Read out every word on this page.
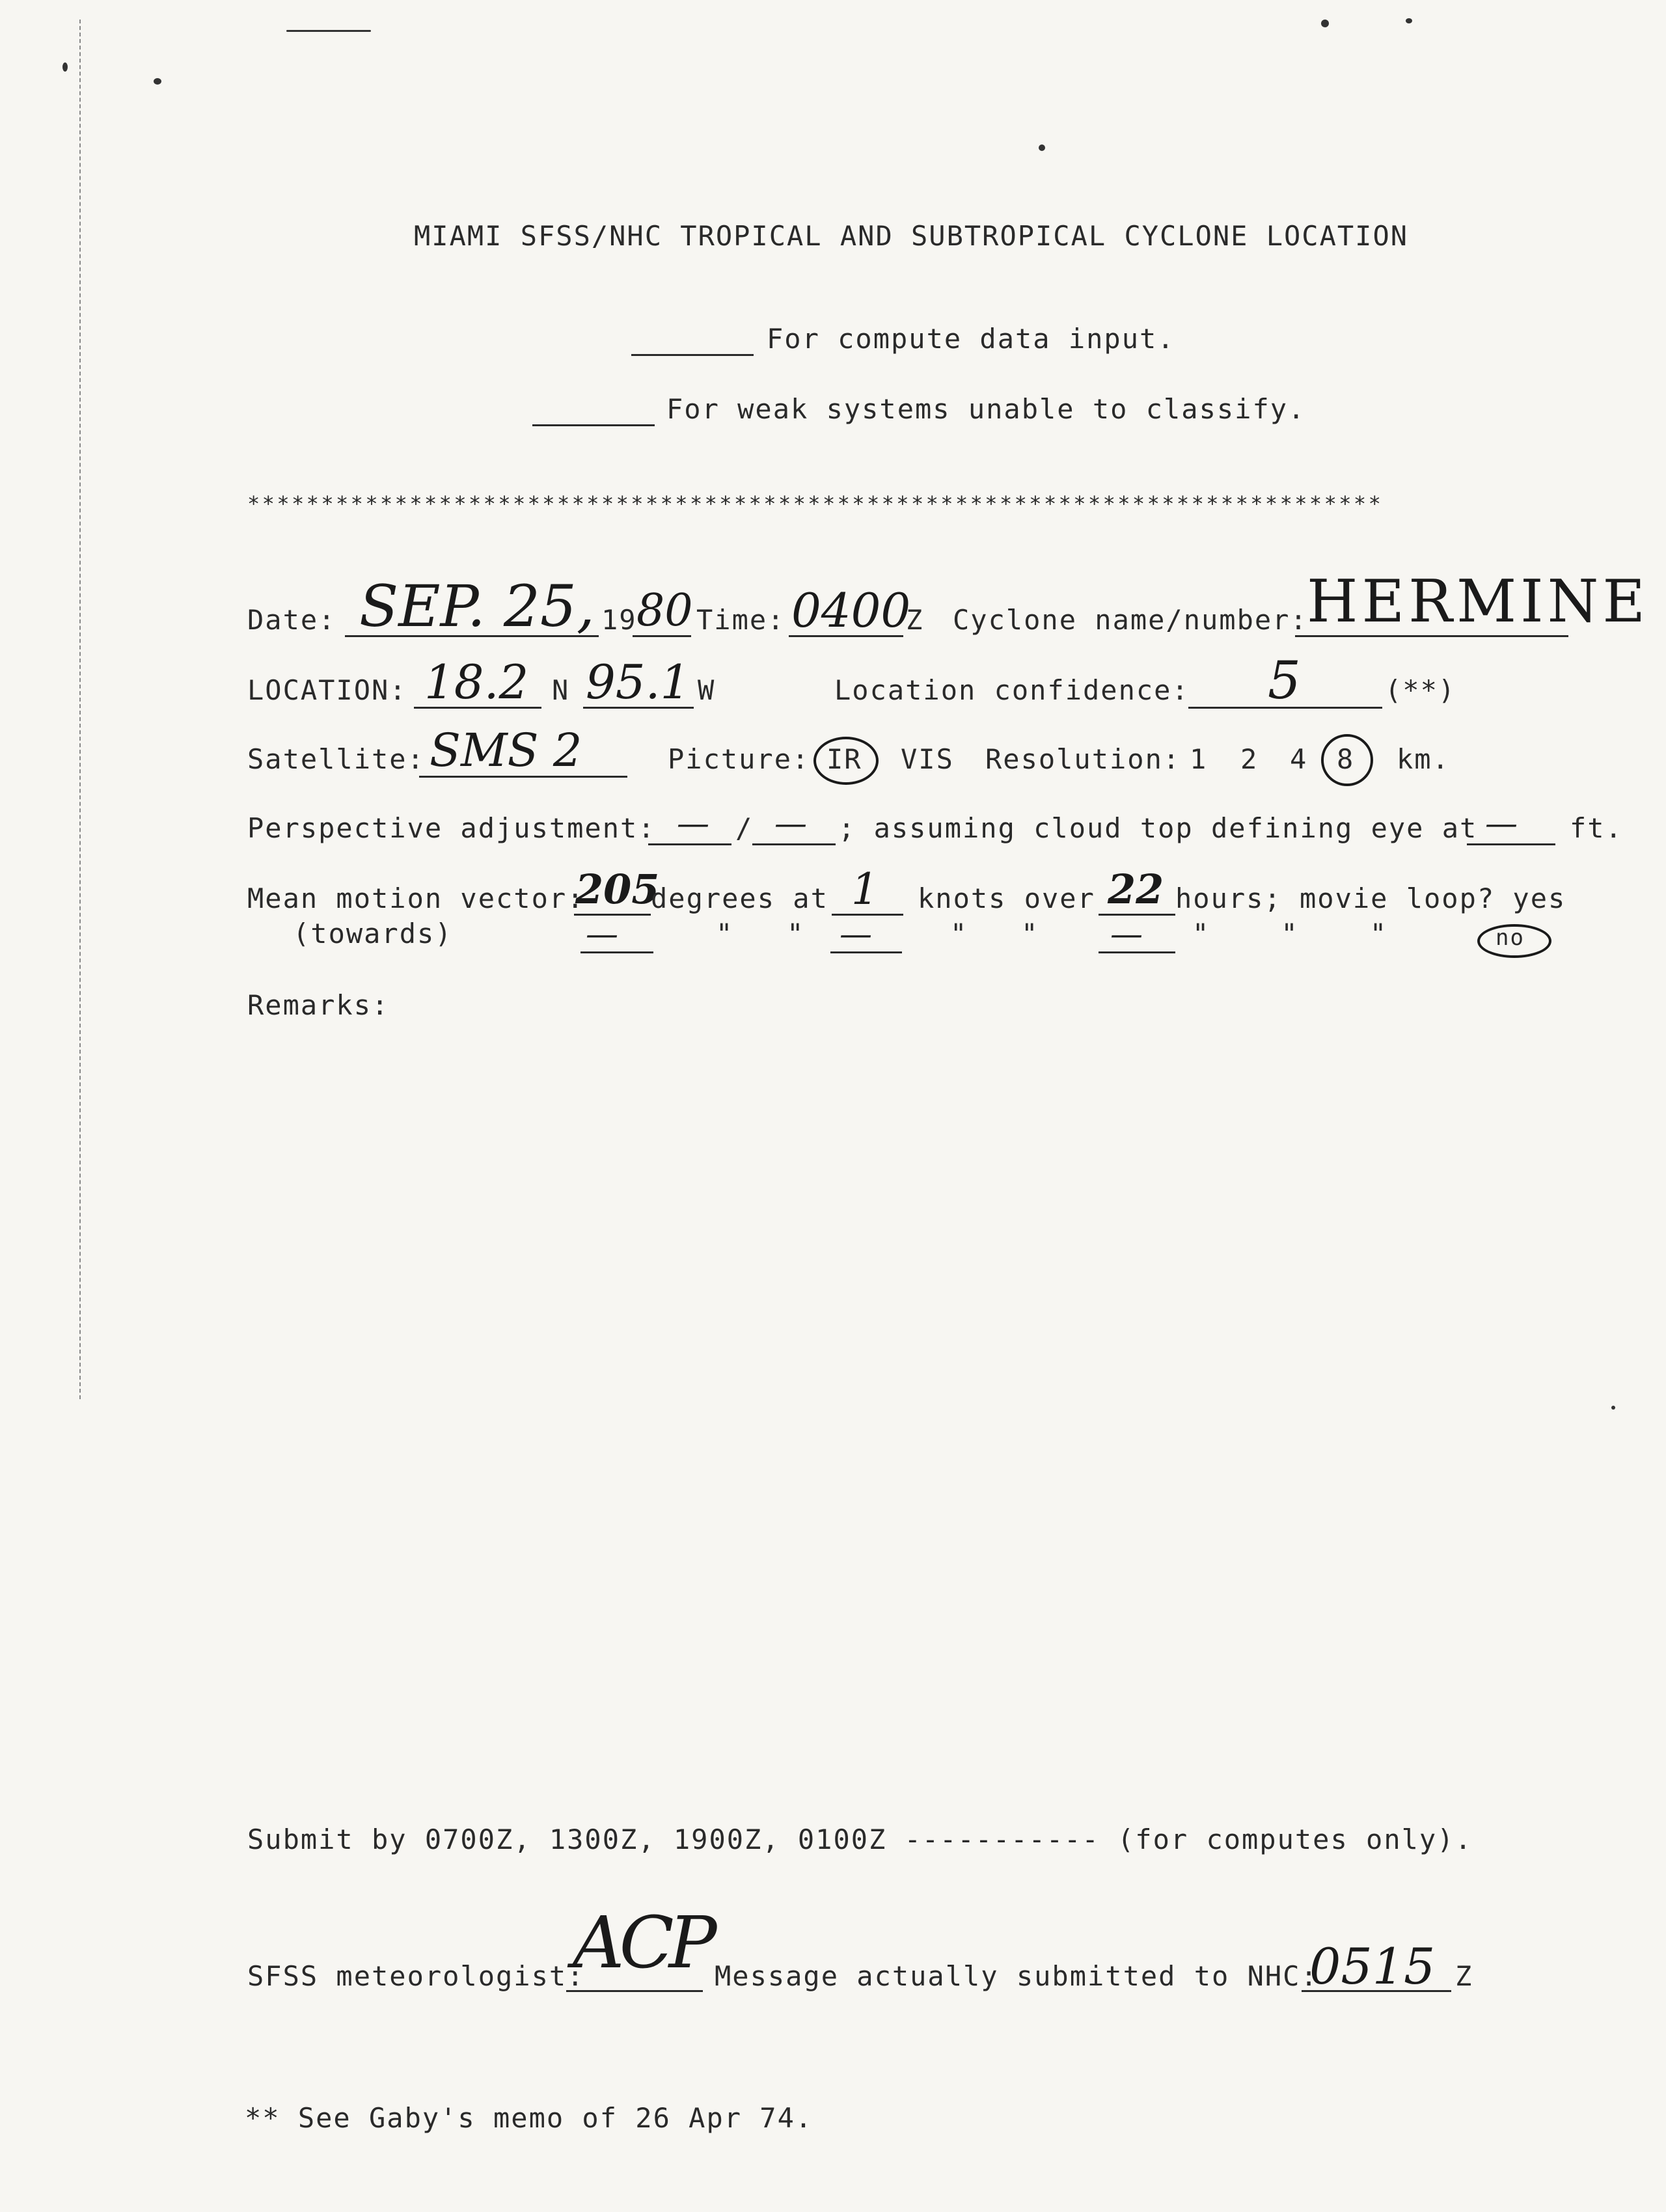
MIAMI SFSS/NHC TROPICAL AND SUBTROPICAL CYCLONE LOCATION
For compute data input.
For weak systems unable to classify.
*****************************************************************************
Date: SEP. 25, 19 80 Time: 0400
Z Cyclone name/number:
HERMINE
LOCATION: 18.2 N 95.1 W	Location confidence: 5	(**)
Satellite: SMS 2	Picture: IR VIS Resolution: 1 2 4 8 km.
Perspective adjustment: — / — ; assuming cloud top defining eye at — ft.
Mean motion vector:
205
degrees at 1 knots over 22 hours; movie loop? yes
(towards)	—	"   " —	"   " — "    "    "	no
Remarks:
Submit by 0700Z, 1300Z, 1900Z, 0100Z ----------- (for computes only).
SFSS meteorologist:
ACP Message actually submitted to NHC:
0515 Z
** See Gaby's memo of 26 Apr 74.
